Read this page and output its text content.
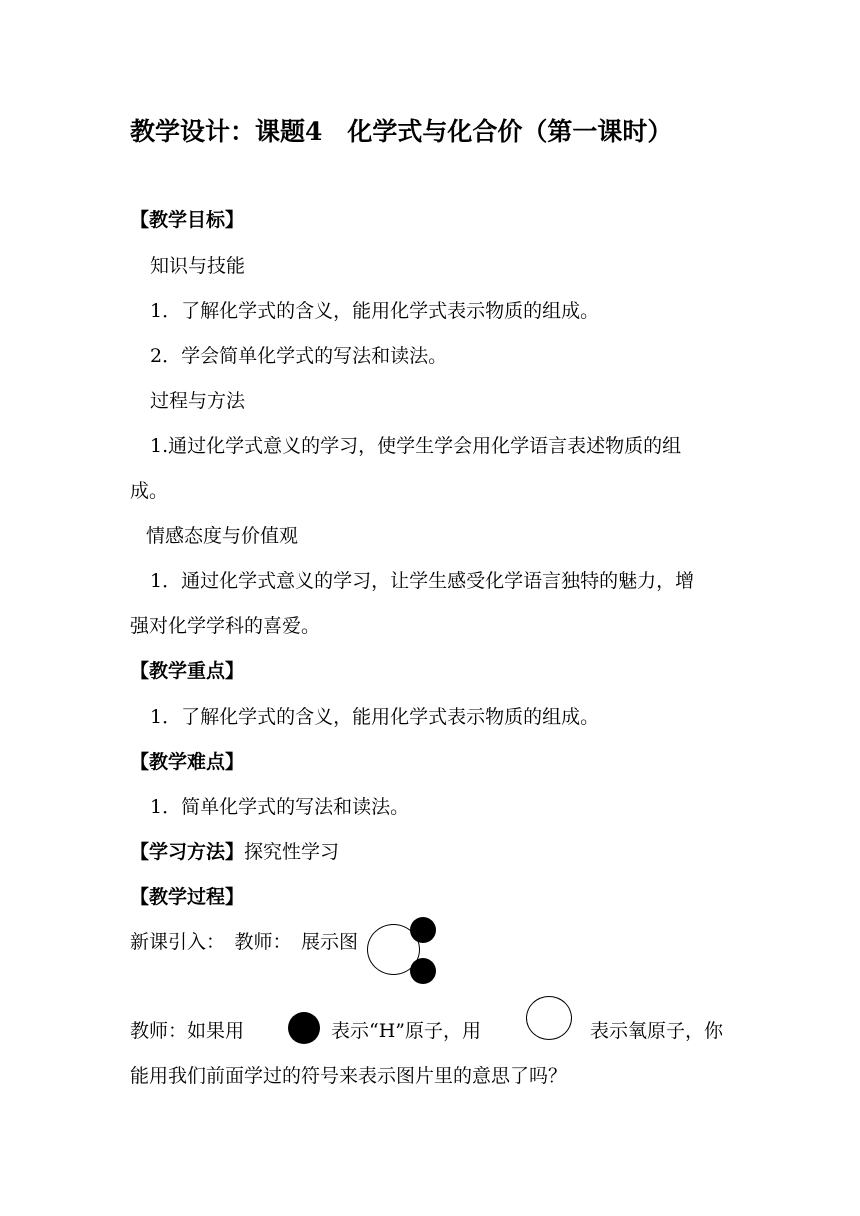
教学设计：课题4　化学式与化合价（第一课时）
【教学目标】
知识与技能
1．了解化学式的含义，能用化学式表示物质的组成。
2．学会简单化学式的写法和读法。
过程与方法
1.通过化学式意义的学习，使学生学会用化学语言表述物质的组
成。
情感态度与价值观
1．通过化学式意义的学习，让学生感受化学语言独特的魅力，增
强对化学学科的喜爱。
【教学重点】
1．了解化学式的含义，能用化学式表示物质的组成。
【教学难点】
1．简单化学式的写法和读法。
【学习方法】探究性学习
【教学过程】
新课引入：　教师：　展示图
教师：如果用	表示“H”原子，用	表示氧原子，你
能用我们前面学过的符号来表示图片里的意思了吗？
